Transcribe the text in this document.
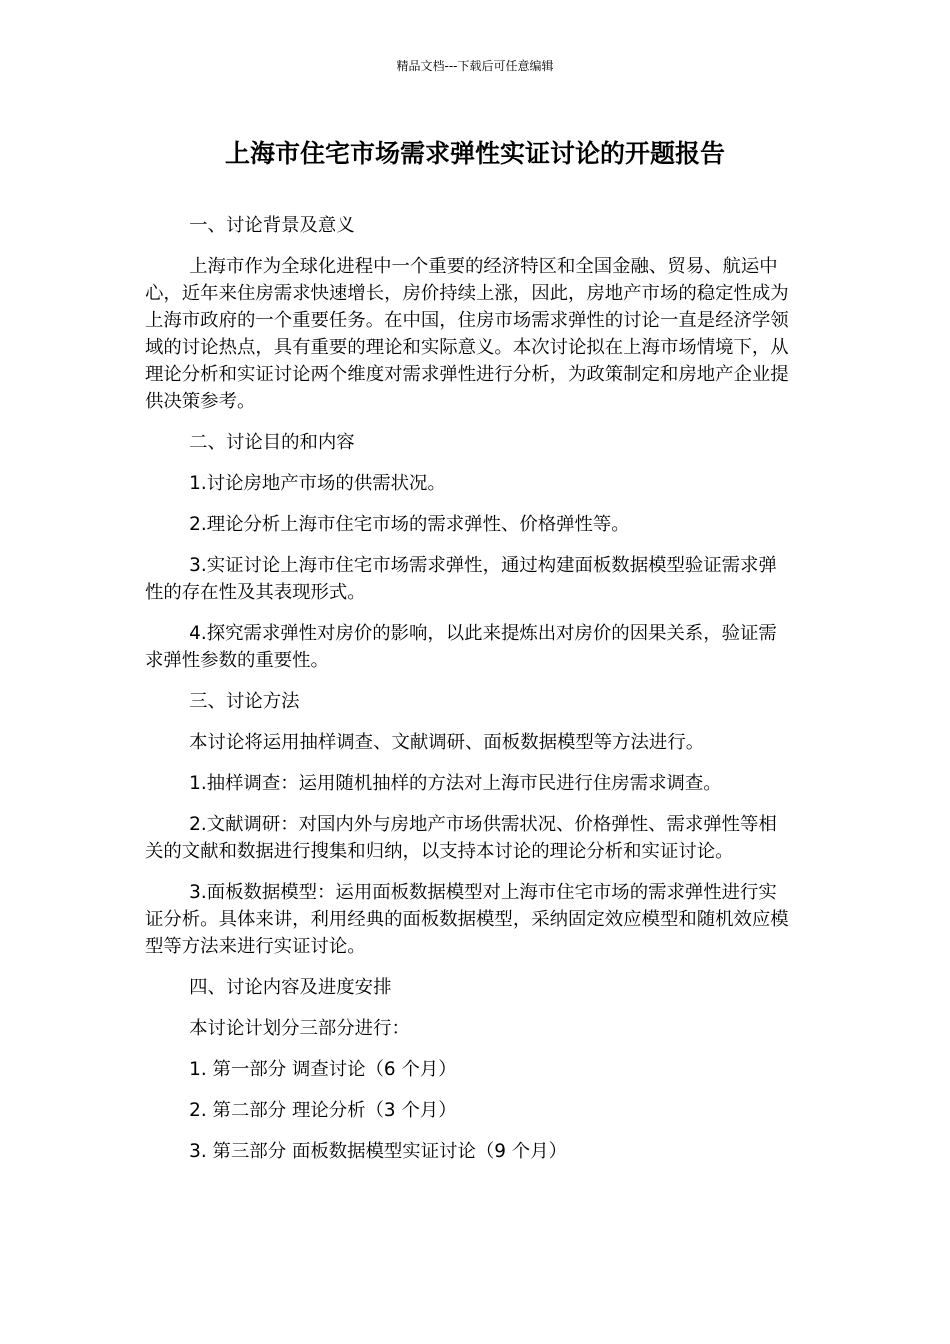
精品文档---下载后可任意编辑
上海市住宅市场需求弹性实证讨论的开题报告

一、讨论背景及意义

上海市作为全球化进程中一个重要的经济特区和全国金融、贸易、航运中心，近年来住房需求快速增长，房价持续上涨，因此，房地产市场的稳定性成为上海市政府的一个重要任务。在中国，住房市场需求弹性的讨论一直是经济学领域的讨论热点，具有重要的理论和实际意义。本次讨论拟在上海市场情境下，从理论分析和实证讨论两个维度对需求弹性进行分析，为政策制定和房地产企业提供决策参考。

二、讨论目的和内容

1.讨论房地产市场的供需状况。

2.理论分析上海市住宅市场的需求弹性、价格弹性等。

3.实证讨论上海市住宅市场需求弹性，通过构建面板数据模型验证需求弹性的存在性及其表现形式。

4.探究需求弹性对房价的影响，以此来提炼出对房价的因果关系，验证需求弹性参数的重要性。

三、讨论方法

本讨论将运用抽样调查、文献调研、面板数据模型等方法进行。

1.抽样调查：运用随机抽样的方法对上海市民进行住房需求调查。

2.文献调研：对国内外与房地产市场供需状况、价格弹性、需求弹性等相关的文献和数据进行搜集和归纳，以支持本讨论的理论分析和实证讨论。

3.面板数据模型：运用面板数据模型对上海市住宅市场的需求弹性进行实证分析。具体来讲，利用经典的面板数据模型，采纳固定效应模型和随机效应模型等方法来进行实证讨论。

四、讨论内容及进度安排

本讨论计划分三部分进行：

1. 第一部分 调查讨论（6 个月）

2. 第二部分 理论分析（3 个月）

3. 第三部分 面板数据模型实证讨论（9 个月）
